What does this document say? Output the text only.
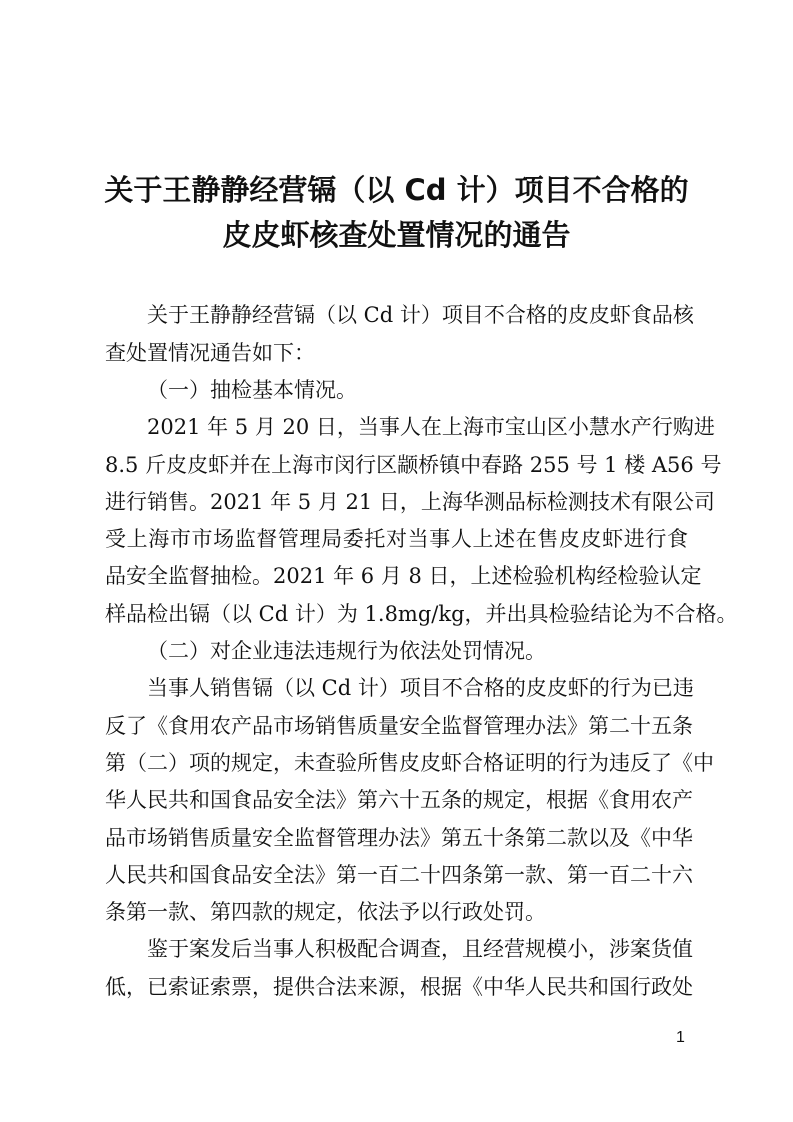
关于王静静经营镉（以 Cd 计）项目不合格的
皮皮虾核查处置情况的通告

关于王静静经营镉（以 Cd 计）项目不合格的皮皮虾食品核

查处置情况通告如下：

（一）抽检基本情况。

2021 年 5 月 20 日，当事人在上海市宝山区小慧水产行购进

8.5 斤皮皮虾并在上海市闵行区颛桥镇中春路 255 号 1 楼 A56 号

进行销售。2021 年 5 月 21 日，上海华测品标检测技术有限公司

受上海市市场监督管理局委托对当事人上述在售皮皮虾进行食

品安全监督抽检。2021 年 6 月 8 日，上述检验机构经检验认定

样品检出镉（以 Cd 计）为 1.8mg/kg，并出具检验结论为不合格。

（二）对企业违法违规行为依法处罚情况。

当事人销售镉（以 Cd 计）项目不合格的皮皮虾的行为已违

反了《食用农产品市场销售质量安全监督管理办法》第二十五条

第（二）项的规定，未查验所售皮皮虾合格证明的行为违反了《中

华人民共和国食品安全法》第六十五条的规定，根据《食用农产

品市场销售质量安全监督管理办法》第五十条第二款以及《中华

人民共和国食品安全法》第一百二十四条第一款、第一百二十六

条第一款、第四款的规定，依法予以行政处罚。

鉴于案发后当事人积极配合调查，且经营规模小，涉案货值

低，已索证索票，提供合法来源，根据《中华人民共和国行政处

1
